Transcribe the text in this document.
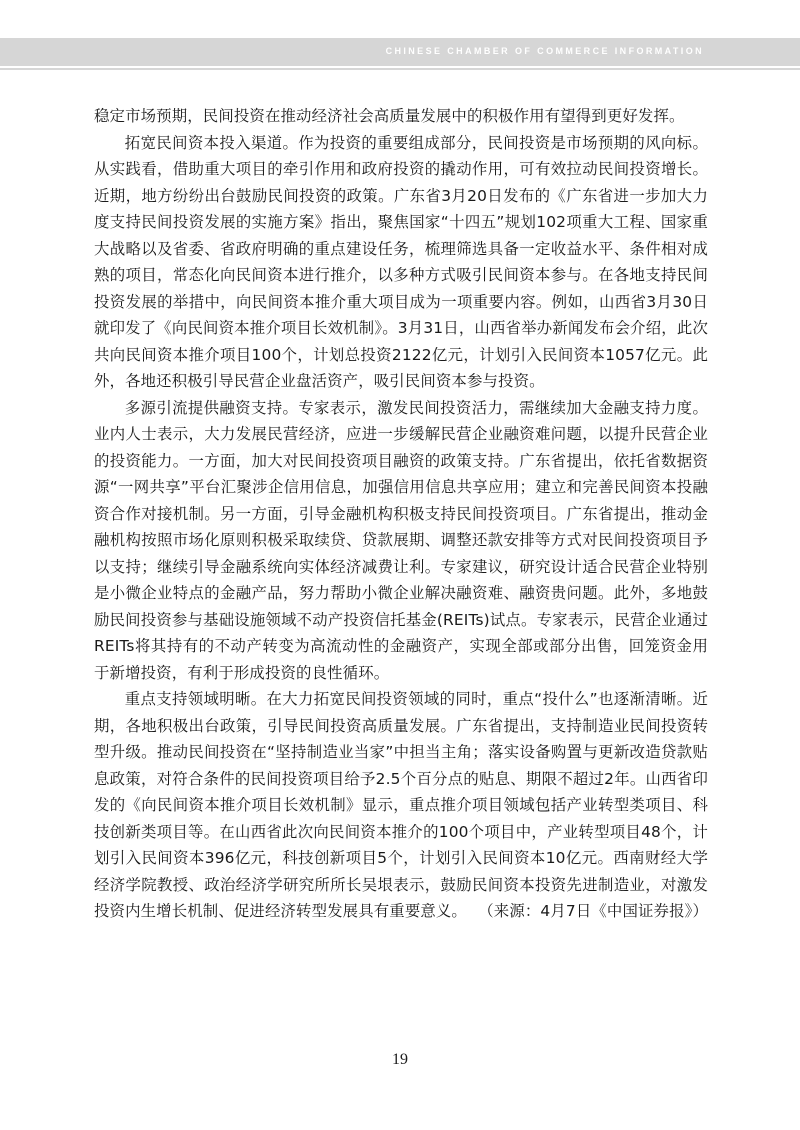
CHINESE CHAMBER OF COMMERCE INFORMATION

稳定市场预期，民间投资在推动经济社会高质量发展中的积极作用有望得到更好发挥。

拓宽民间资本投入渠道。作为投资的重要组成部分，民间投资是市场预期的风向标。从实践看，借助重大项目的牵引作用和政府投资的撬动作用，可有效拉动民间投资增长。近期，地方纷纷出台鼓励民间投资的政策。广东省3月20日发布的《广东省进一步加大力度支持民间投资发展的实施方案》指出，聚焦国家“十四五”规划102项重大工程、国家重大战略以及省委、省政府明确的重点建设任务，梳理筛选具备一定收益水平、条件相对成熟的项目，常态化向民间资本进行推介，以多种方式吸引民间资本参与。在各地支持民间投资发展的举措中，向民间资本推介重大项目成为一项重要内容。例如，山西省3月30日就印发了《向民间资本推介项目长效机制》。3月31日，山西省举办新闻发布会介绍，此次共向民间资本推介项目100个，计划总投资2122亿元，计划引入民间资本1057亿元。此外，各地还积极引导民营企业盘活资产，吸引民间资本参与投资。

多源引流提供融资支持。专家表示，激发民间投资活力，需继续加大金融支持力度。业内人士表示，大力发展民营经济，应进一步缓解民营企业融资难问题，以提升民营企业的投资能力。一方面，加大对民间投资项目融资的政策支持。广东省提出，依托省数据资源“一网共享”平台汇聚涉企信用信息，加强信用信息共享应用；建立和完善民间资本投融资合作对接机制。另一方面，引导金融机构积极支持民间投资项目。广东省提出，推动金融机构按照市场化原则积极采取续贷、贷款展期、调整还款安排等方式对民间投资项目予以支持；继续引导金融系统向实体经济减费让利。专家建议，研究设计适合民营企业特别是小微企业特点的金融产品，努力帮助小微企业解决融资难、融资贵问题。此外，多地鼓励民间投资参与基础设施领域不动产投资信托基金(REITs)试点。专家表示，民营企业通过REITs将其持有的不动产转变为高流动性的金融资产，实现全部或部分出售，回笼资金用于新增投资，有利于形成投资的良性循环。

重点支持领域明晰。在大力拓宽民间投资领域的同时，重点“投什么”也逐渐清晰。近期，各地积极出台政策，引导民间投资高质量发展。广东省提出，支持制造业民间投资转型升级。推动民间投资在“坚持制造业当家”中担当主角；落实设备购置与更新改造贷款贴息政策，对符合条件的民间投资项目给予2.5个百分点的贴息、期限不超过2年。山西省印发的《向民间资本推介项目长效机制》显示，重点推介项目领域包括产业转型类项目、科技创新类项目等。在山西省此次向民间资本推介的100个项目中，产业转型项目48个，计划引入民间资本396亿元，科技创新项目5个，计划引入民间资本10亿元。西南财经大学经济学院教授、政治经济学研究所所长吴垠表示，鼓励民间资本投资先进制造业，对激发投资内生增长机制、促进经济转型发展具有重要意义。 （来源：4月7日《中国证券报》）

19
